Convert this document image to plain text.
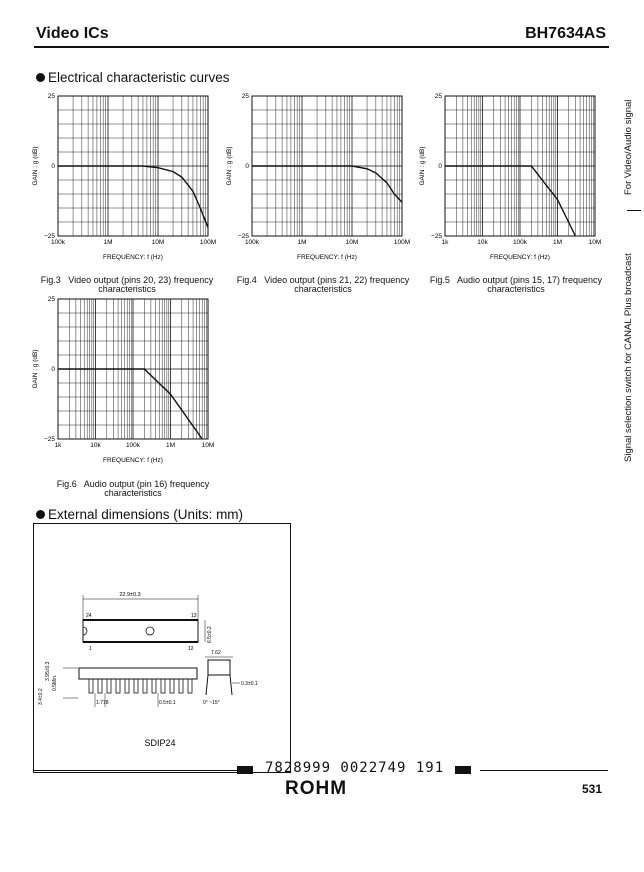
Video ICs	BH7634AS
Electrical characteristic curves
100k	1M	10M	100M
25
0
−25
FREQUENCY: f (Hz)
GAIN : g (dB)
100k	1M	10M	100M
25
0
−25
FREQUENCY: f (Hz)
GAIN : g (dB)
1k	10k	100k	1M	10M
25
0
−25
FREQUENCY: f (Hz)
GAIN : g (dB)
1k	10k	100k	1M	10M
25
0
−25
FREQUENCY: f (Hz)
GAIN : g (dB)
Fig.3 Video output (pins 20, 23) frequency characteristics
Fig.4 Video output (pins 21, 22) frequency characteristics
Fig.5 Audio output (pins 15, 17) frequency characteristics
Fig.6 Audio output (pin 16) frequency characteristics
External dimensions (Units: mm)
22.9±0.3
24	13
1	12
6.5±0.2
7.62
0.3±0.1
3.4±0.2
3.95±0.3
0.5Min.
1.778	0.5±0.1	0° ~15°
SDIP24
For Video/Audio signal
Signal selection switch for CANAL Plus broadcast
7828999 0022749 191
ROHM	531
